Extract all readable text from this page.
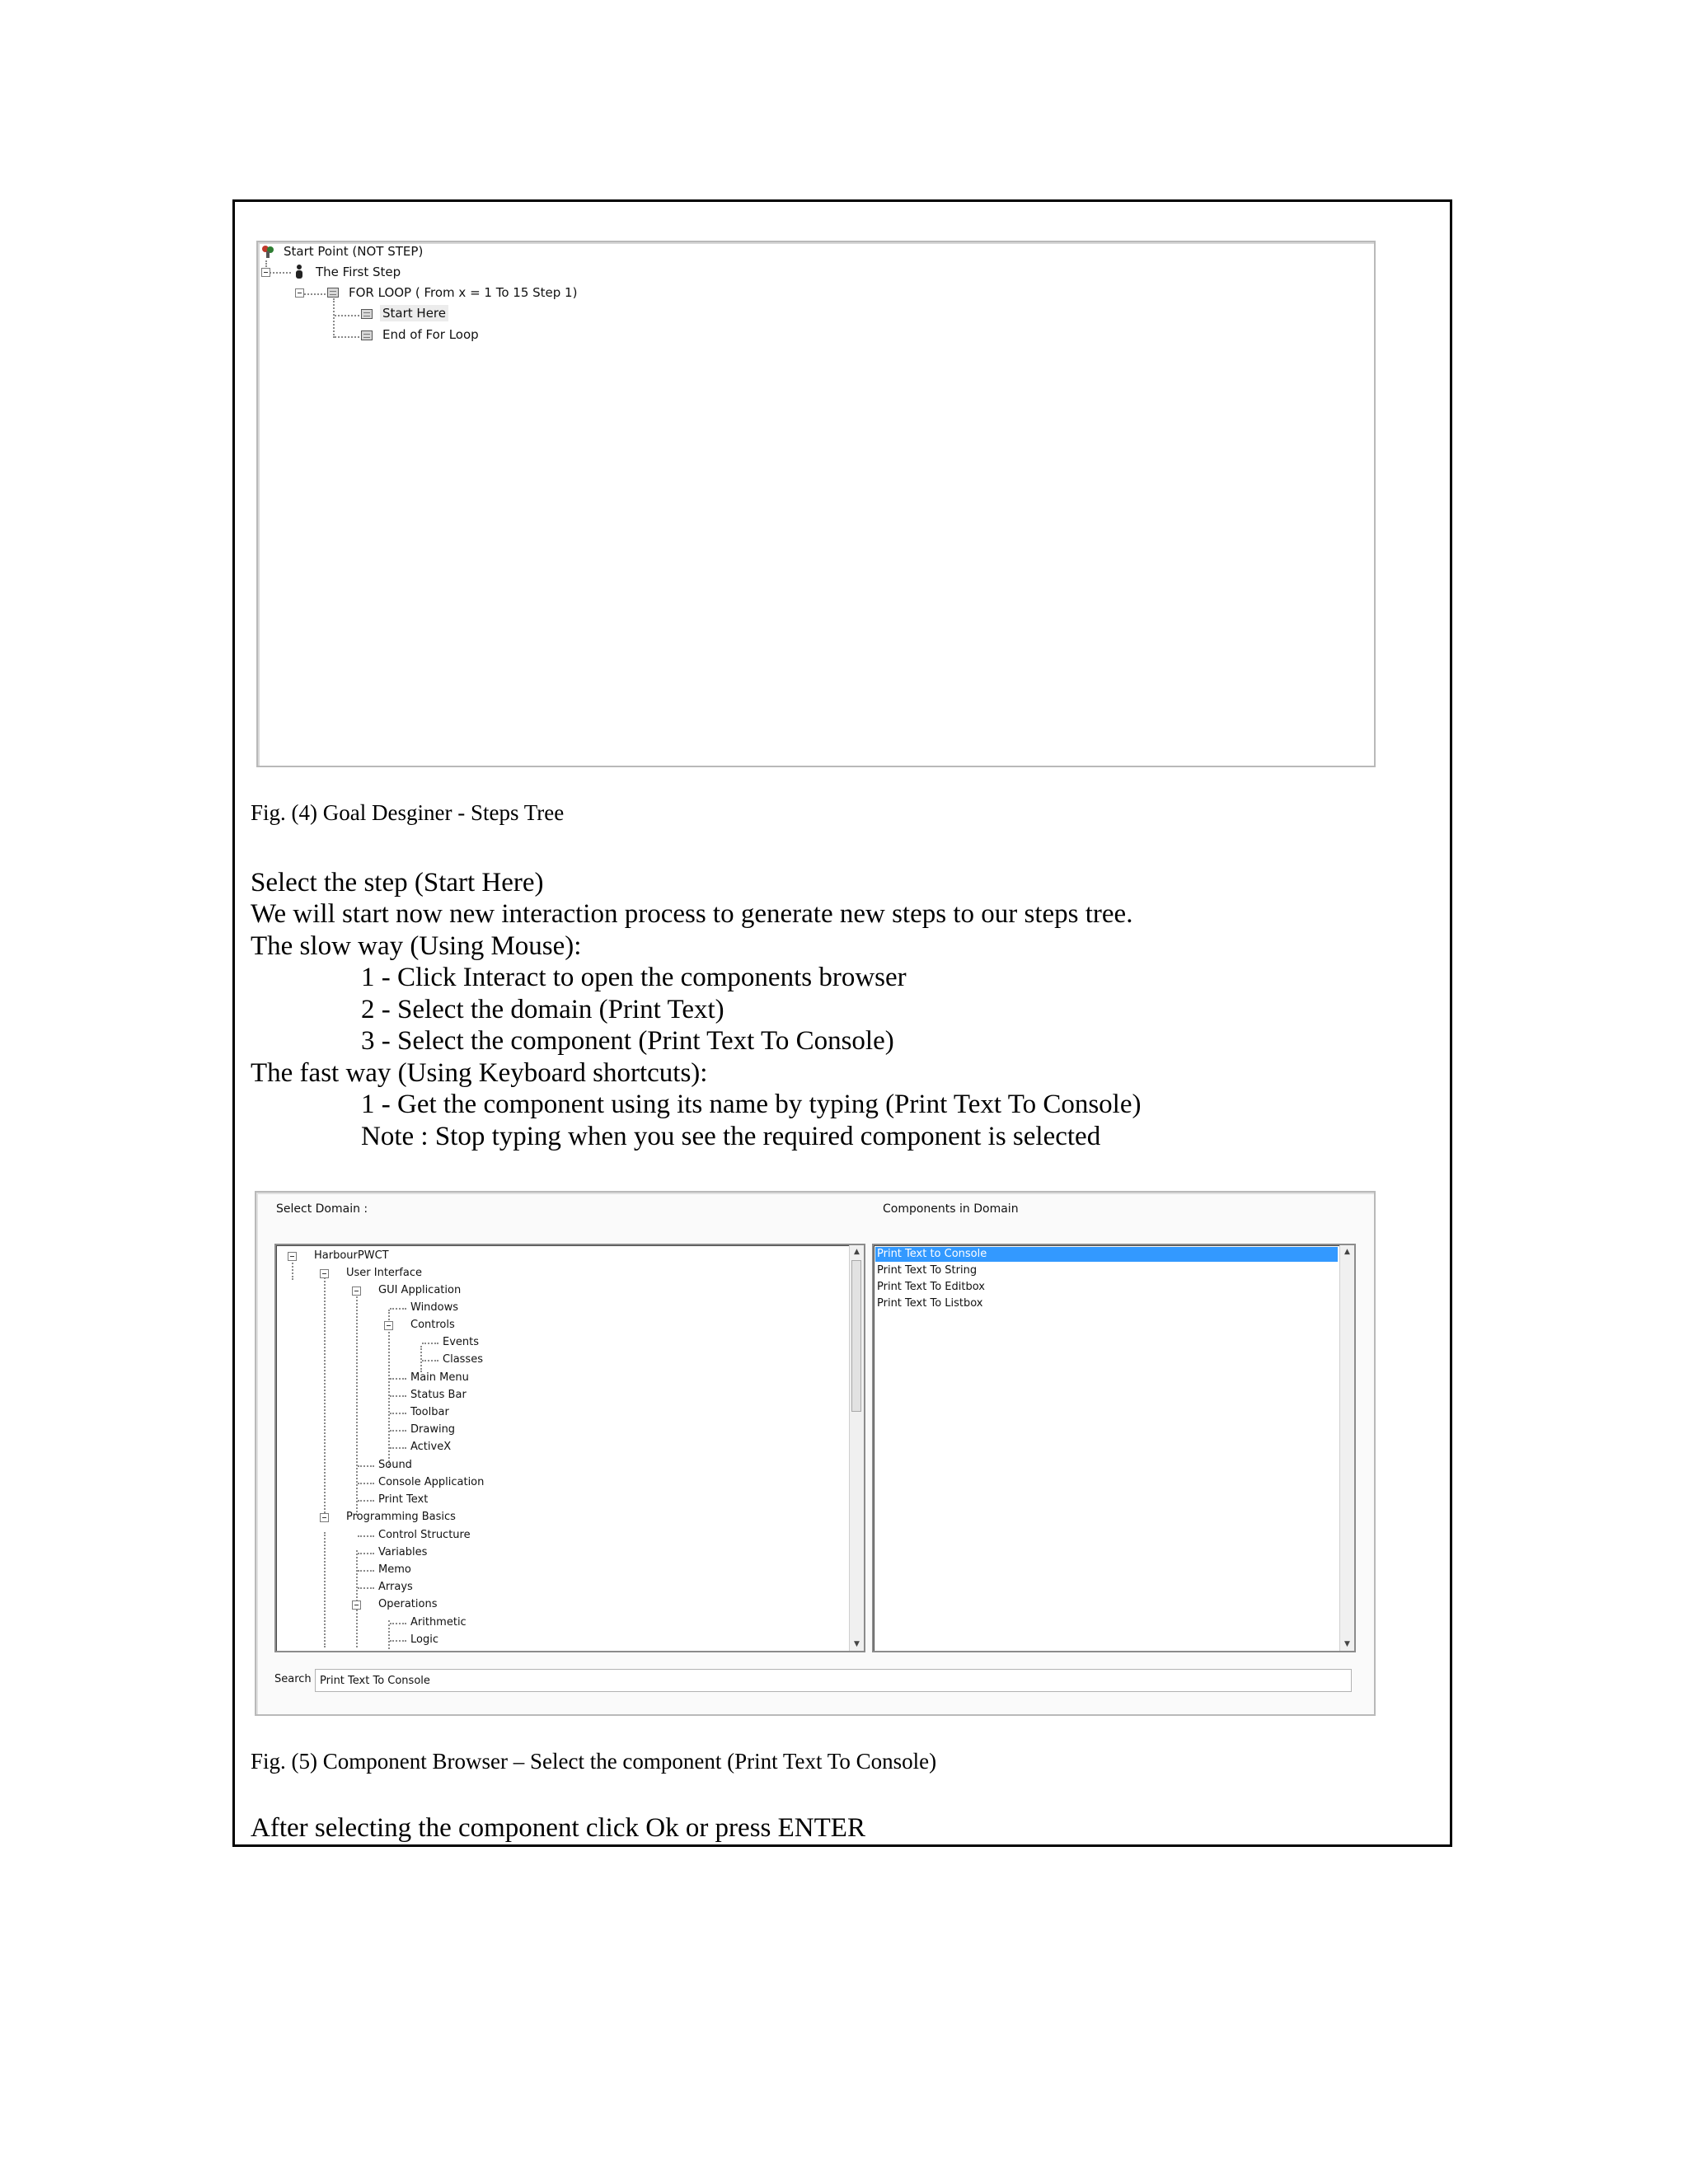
Start Point (NOT STEP)
The First Step
FOR LOOP ( From x = 1 To 15 Step 1)
Start Here
End of For Loop
Fig. (4) Goal Desginer - Steps Tree
Select the step (Start Here)
We will start now new interaction process to generate new steps to our steps tree.
The slow way (Using Mouse):
1 - Click Interact to open the components browser
2 - Select the domain (Print Text)
3 - Select the component (Print Text To Console)
The fast way (Using Keyboard shortcuts):
1 - Get the component using its name by typing (Print Text To Console)
Note : Stop typing when you see the required component is selected
Select Domain :	Components in Domain
HarbourPWCT
User Interface
GUI Application
Windows
Controls
Events
Classes
Main Menu
Status Bar
Toolbar
Drawing
ActiveX
Sound
Console Application
Print Text
Programming Basics
Control Structure
Variables
Memo
Arrays
Operations
Arithmetic
Logic
▲
▼
Print Text to Console
Print Text To String
Print Text To Editbox
Print Text To Listbox
▲
▼
Search
Print Text To Console
Fig. (5) Component Browser – Select the component (Print Text To Console)
After selecting the component click Ok or press ENTER
